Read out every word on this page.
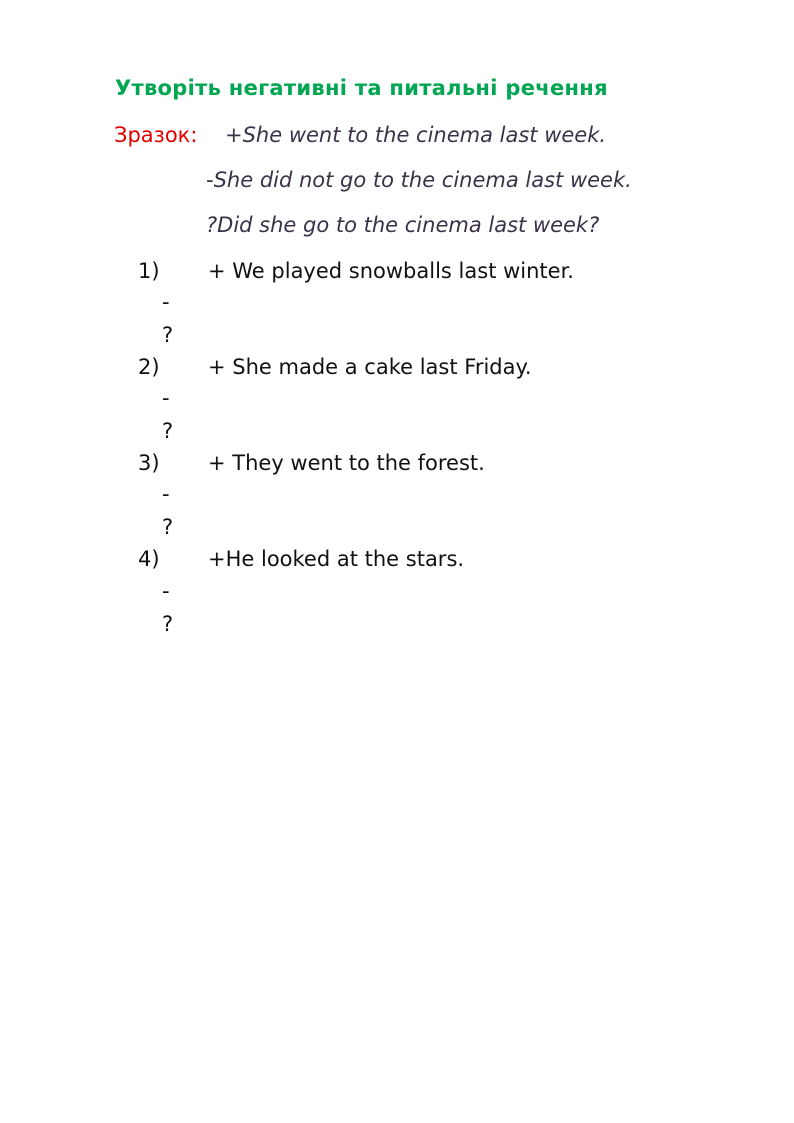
Утворіть негативні та питальні речення
Зразок: +She went to the cinema last week.
-She did not go to the cinema last week.
?Did she go to the cinema last week?
1) + We played snowballs last winter.
-
?
2) + She made a cake last Friday.
-
?
3) + They went to the forest.
-
?
4) +He looked at the stars.
-
?
